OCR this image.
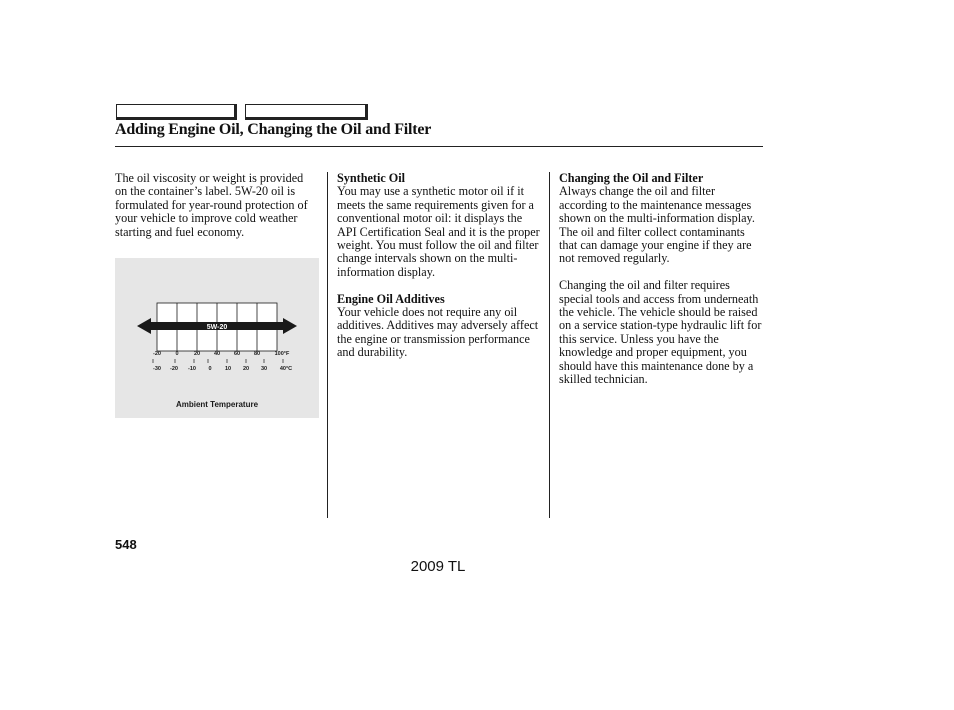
Adding Engine Oil, Changing the Oil and Filter

The oil viscosity or weight is provided on the container’s label. 5W-20 oil is formulated for year-round protection of your vehicle to improve cold weather starting and fuel economy.

5W-20
-20	0	20	40	60	80	100°F
-30 -20 -10 0 10 20 30 40°C
Ambient Temperature
Synthetic Oil

You may use a synthetic motor oil if it meets the same requirements given for a conventional motor oil: it displays the API Certification Seal and it is the proper weight. You must follow the oil and filter change intervals shown on the multi-information display.

Engine Oil Additives

Your vehicle does not require any oil additives. Additives may adversely affect the engine or transmission performance and durability.

Changing the Oil and Filter

Always change the oil and filter according to the maintenance messages shown on the multi-information display. The oil and filter collect contaminants that can damage your engine if they are not removed regularly.

Changing the oil and filter requires special tools and access from underneath the vehicle. The vehicle should be raised on a service station-type hydraulic lift for this service. Unless you have the knowledge and proper equipment, you should have this maintenance done by a skilled technician.

548
2009 TL
